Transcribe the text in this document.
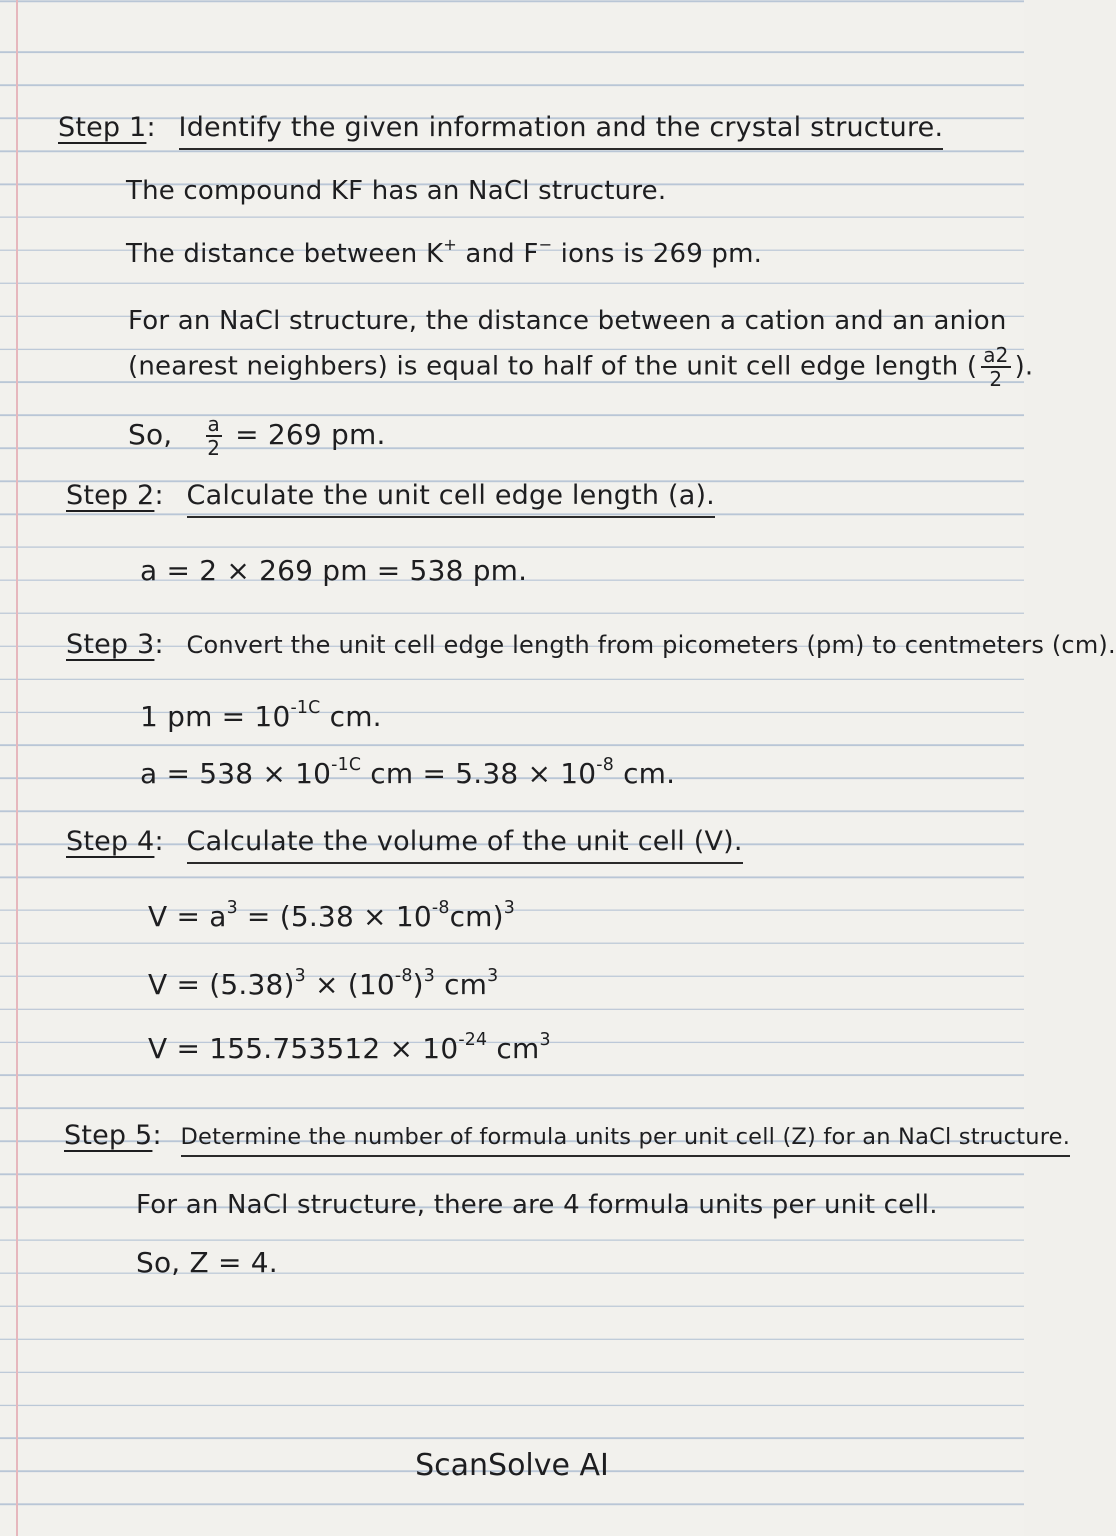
Step 1: Identify the given information and the crystal structure.
The compound KF has an NaCl structure.
The distance between K+ and F− ions is 269 pm.
For an NaCl structure, the distance between a cation and an anion
(nearest neighbers) is equal to half of the unit cell edge length ( $\frac{a2}{2}$ ).
So, $\frac{a}{2} = 269$ pm.
Step 2: Calculate the unit cell edge length (a).
a = 2 × 269 pm = 538 pm.
Step 3: Convert the unit cell edge length from picometers (pm) to centmeters (cm).
1 pm = $10^{-1C}$ cm.
$a = 538 \times 10^{-1C}$ cm = $5.38 \times 10^{-8}$ cm.
Step 4: Calculate the volume of the unit cell (V).
$V = a^3 = (5.38 \times 10^{-8}cm)^3$
$V = (5.38)^3 \times (10^{-8})^3$ $cm^3$
$V = 155.753512 \times 10^{-24}$ $cm^3$
Step 5: Determine the number of formula units per unit cell (Z) for an NaCl structure.
For an NaCl structure, there are 4 formula units per unit cell.
So, Z = 4.
ScanSolve AI
